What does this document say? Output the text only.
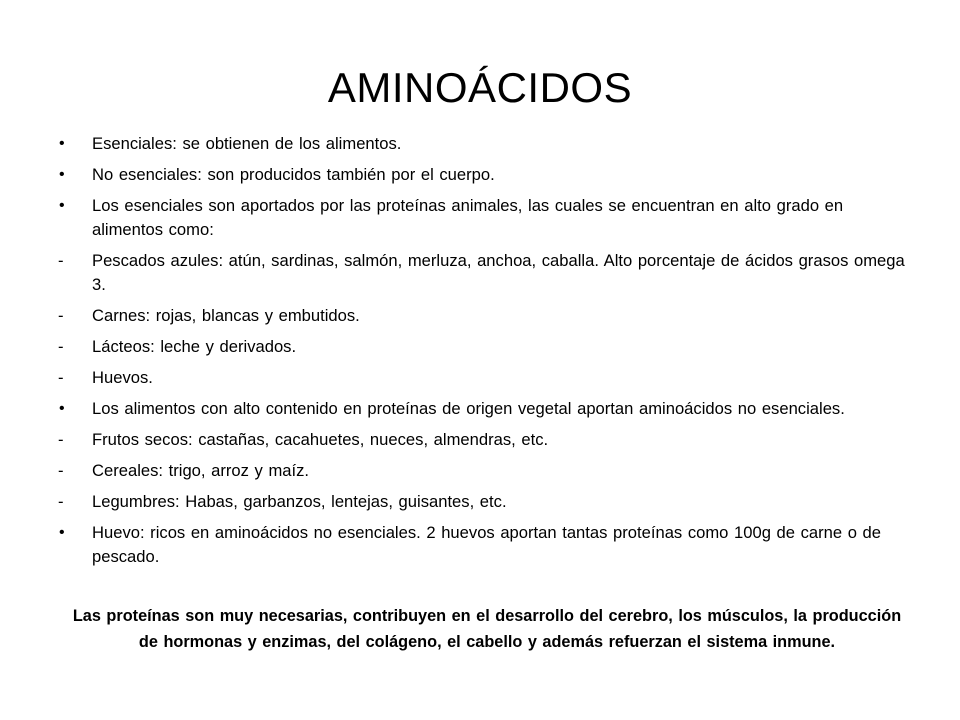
AMINOÁCIDOS
•	Esenciales: se obtienen de los alimentos.
•	No esenciales: son producidos también por el cuerpo.
•	Los esenciales son aportados por las proteínas animales, las cuales se encuentran en alto grado en alimentos como:
-	Pescados azules: atún, sardinas, salmón, merluza, anchoa, caballa. Alto porcentaje de ácidos grasos omega 3.
-	Carnes: rojas, blancas y embutidos.
-	Lácteos: leche y derivados.
-	Huevos.
•	Los alimentos con alto contenido en proteínas de origen vegetal aportan aminoácidos no esenciales.
-	Frutos secos: castañas, cacahuetes, nueces, almendras, etc.
-	Cereales: trigo, arroz y maíz.
-	Legumbres: Habas, garbanzos, lentejas, guisantes, etc.
•	Huevo: ricos en aminoácidos no esenciales. 2 huevos aportan tantas proteínas como 100g de carne o de pescado.
Las proteínas son muy necesarias, contribuyen en el desarrollo del cerebro, los músculos, la producción de hormonas y enzimas, del colágeno, el cabello y además refuerzan el sistema inmune.
